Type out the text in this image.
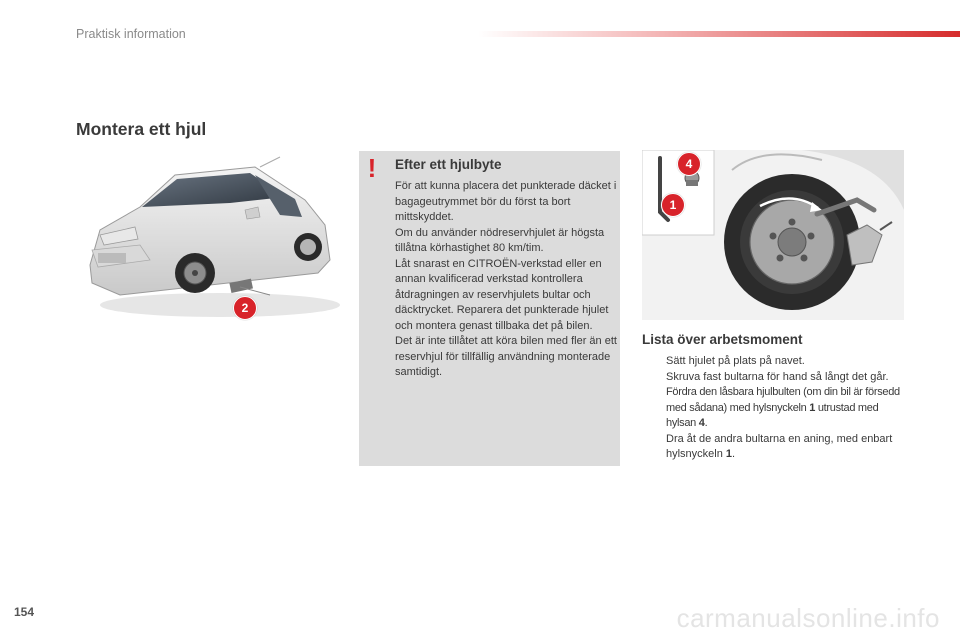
Praktisk information
Montera ett hjul
2
!	Efter ett hjulbyte

För att kunna placera det punkterade däcket i bagageutrymmet bör du först ta bort mittskyddet.

Om du använder nödreservhjulet är högsta tillåtna körhastighet 80 km/tim.

Låt snarast en CITROËN-verkstad eller en annan kvalificerad verkstad kontrollera åtdragningen av reservhjulets bultar och däcktrycket. Reparera det punkterade hjulet och montera genast tillbaka det på bilen.

Det är inte tillåtet att köra bilen med fler än ett reservhjul för tillfällig användning monterade samtidigt.

4
1
Lista över arbetsmoment

Sätt hjulet på plats på navet.

Skruva fast bultarna för hand så långt det går.

Fördra den låsbara hjulbulten (om din bil är försedd med sådana) med hylsnyckeln 1 utrustad med hylsan 4.

Dra åt de andra bultarna en aning, med enbart hylsnyckeln 1.

154	carmanualsonline.info
